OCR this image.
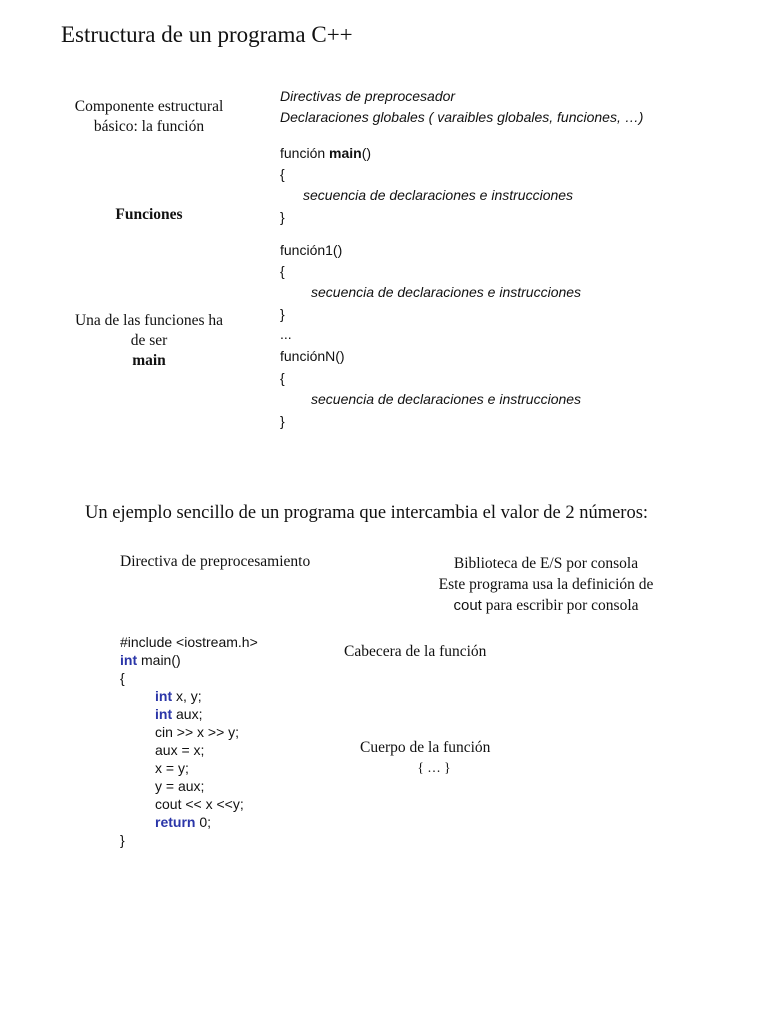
Estructura de un programa C++
Componente estructural básico: la función
Funciones
Una de las funciones ha de ser
main
Directivas de preprocesador
Declaraciones globales ( varaibles globales, funciones, …)
función main()
{
secuencia de declaraciones e instrucciones
}
función1()
{
secuencia de declaraciones e instrucciones
}
...
funciónN()
{
secuencia de declaraciones e instrucciones
}
Un ejemplo sencillo de un programa que intercambia el valor de 2 números:
Directiva de preprocesamiento	Biblioteca de E/S por consola
Este programa usa la definición de
cout para escribir por consola
Cabecera de la función
Cuerpo de la función
{ … }
#include <iostream.h>
int main()
{
int x, y;
int aux;
cin >> x >> y;
aux = x;
x = y;
y = aux;
cout << x <<y;
return 0;
}
